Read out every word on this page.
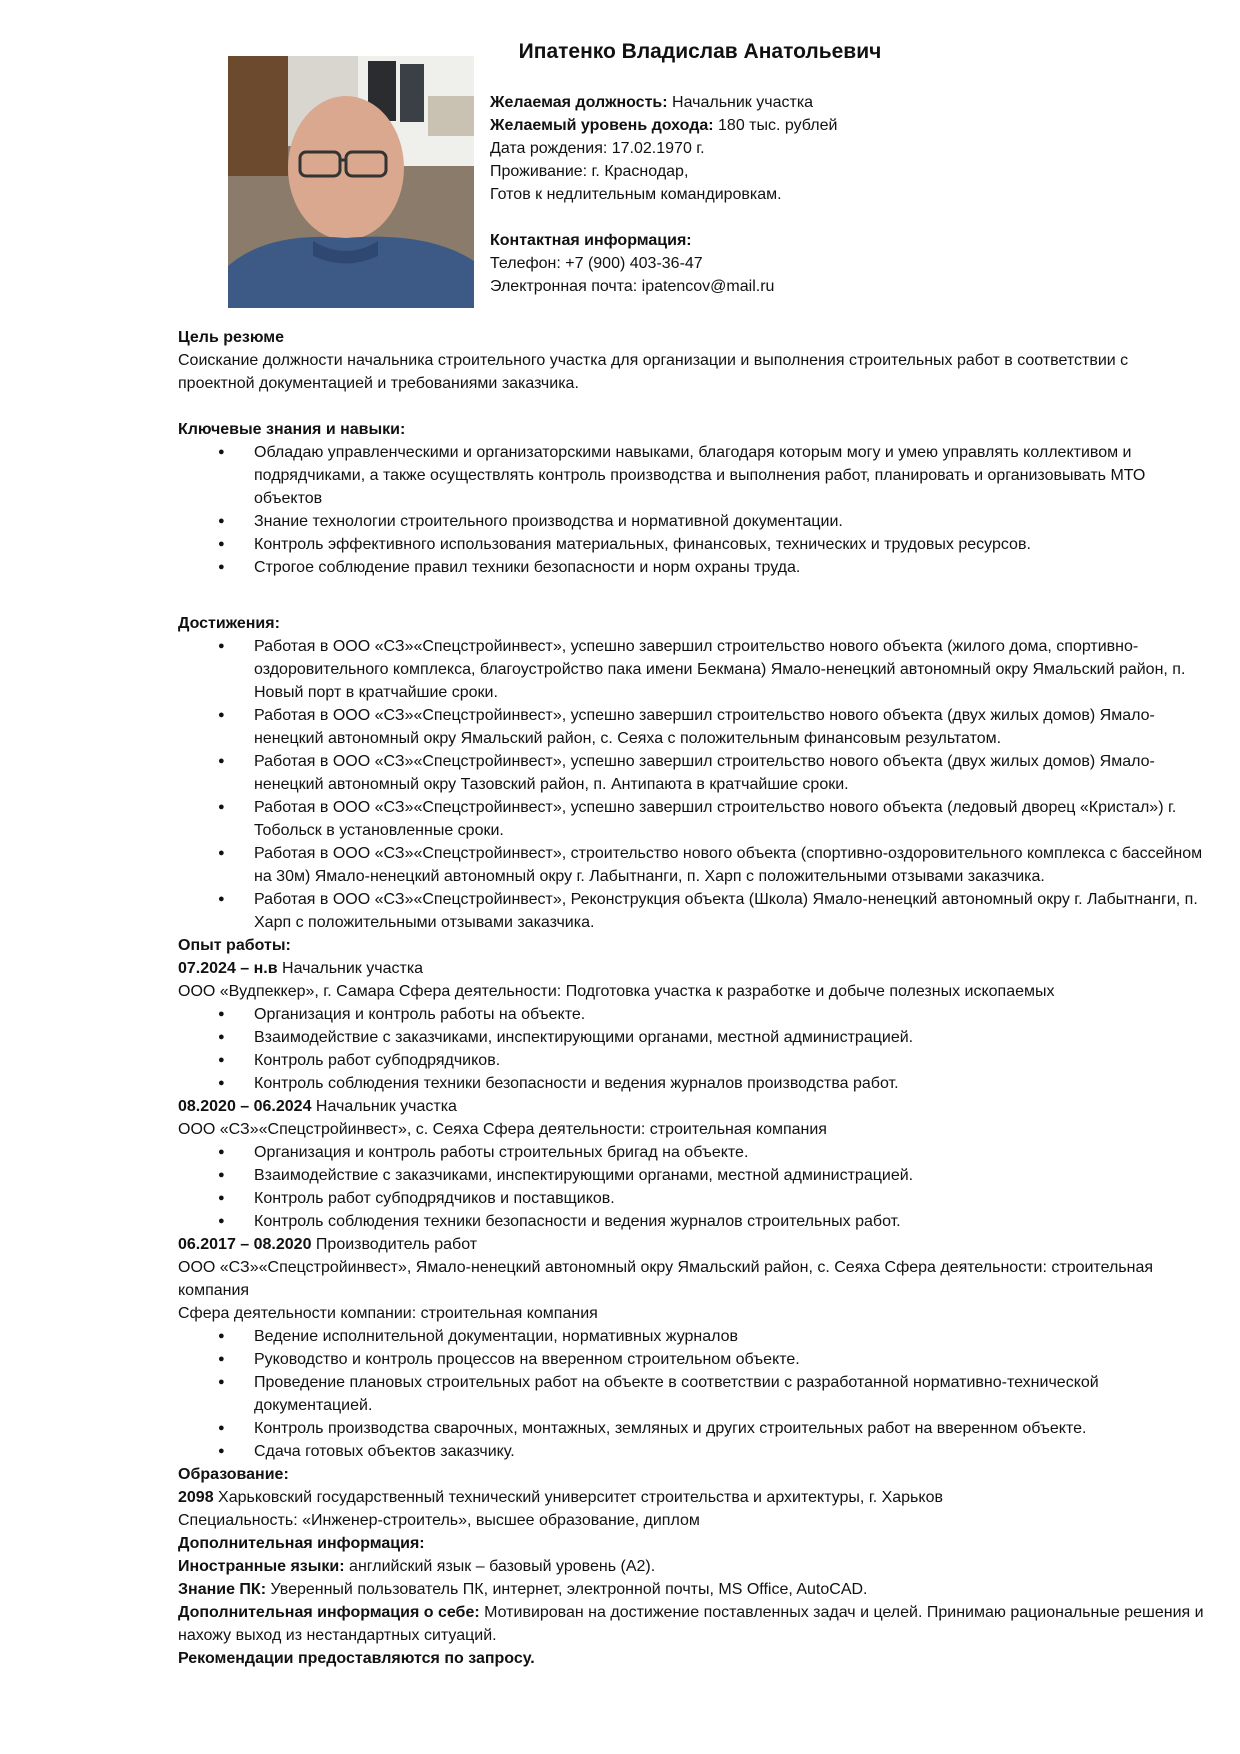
Ипатенко Владислав Анатольевич
Желаемая должность: Начальник участка
Желаемый уровень дохода: 180 тыс. рублей
Дата рождения: 17.02.1970 г.
Проживание: г. Краснодар,
Готов к недлительным командировкам.
Контактная информация:
Телефон: +7 (900) 403-36-47
Электронная почта: ipatencov@mail.ru
Цель резюме
Соискание должности начальника строительного участка для организации и выполнения строительных работ в соответствии с проектной документацией и требованиями заказчика.
Ключевые знания и навыки:
● Обладаю управленческими и организаторскими навыками, благодаря которым могу и умею управлять коллективом и подрядчиками, а также осуществлять контроль производства и выполнения работ, планировать и организовывать МТО объектов
● Знание технологии строительного производства и нормативной документации.
● Контроль эффективного использования материальных, финансовых, технических и трудовых ресурсов.
● Строгое соблюдение правил техники безопасности и норм охраны труда.
Достижения:
● Работая в ООО «СЗ»«Спецстройинвест», успешно завершил строительство нового объекта (жилого дома, спортивно-оздоровительного комплекса, благоустройство пака имени Бекмана) Ямало-ненецкий автономный окру Ямальский район, п. Новый порт в кратчайшие сроки.
● Работая в ООО «СЗ»«Спецстройинвест», успешно завершил строительство нового объекта (двух жилых домов) Ямало-ненецкий автономный окру Ямальский район, с. Сеяха с положительным финансовым результатом.
● Работая в ООО «СЗ»«Спецстройинвест», успешно завершил строительство нового объекта (двух жилых домов) Ямало-ненецкий автономный окру Тазовский район, п. Антипаюта в кратчайшие сроки.
● Работая в ООО «СЗ»«Спецстройинвест», успешно завершил строительство нового объекта (ледовый дворец «Кристал») г. Тобольск в установленные сроки.
● Работая в ООО «СЗ»«Спецстройинвест», строительство нового объекта (спортивно-оздоровительного комплекса с бассейном на 30м) Ямало-ненецкий автономный окру г. Лабытнанги, п. Харп с положительными отзывами заказчика.
● Работая в ООО «СЗ»«Спецстройинвест», Реконструкция объекта (Школа) Ямало-ненецкий автономный окру г. Лабытнанги, п. Харп с положительными отзывами заказчика.
Опыт работы:
07.2024 – н.в Начальник участка
ООО «Вудпеккер», г. Самара Сфера деятельности: Подготовка участка к разработке и добыче полезных ископаемых
● Организация и контроль работы на объекте.
● Взаимодействие с заказчиками, инспектирующими органами, местной администрацией.
● Контроль работ субподрядчиков.
● Контроль соблюдения техники безопасности и ведения журналов производства работ.
08.2020 – 06.2024 Начальник участка
ООО «СЗ»«Спецстройинвест», с. Сеяха Сфера деятельности: строительная компания
● Организация и контроль работы строительных бригад на объекте.
● Взаимодействие с заказчиками, инспектирующими органами, местной администрацией.
● Контроль работ субподрядчиков и поставщиков.
● Контроль соблюдения техники безопасности и ведения журналов строительных работ.
06.2017 – 08.2020 Производитель работ
ООО «СЗ»«Спецстройинвест», Ямало-ненецкий автономный окру Ямальский район, с. Сеяха Сфера деятельности: строительная компания
Сфера деятельности компании: строительная компания
● Ведение исполнительной документации, нормативных журналов
● Руководство и контроль процессов на вверенном строительном объекте.
● Проведение плановых строительных работ на объекте в соответствии с разработанной нормативно-технической документацией.
● Контроль производства сварочных, монтажных, земляных и других строительных работ на вверенном объекте.
● Сдача готовых объектов заказчику.
Образование:
2098 Харьковский государственный технический университет строительства и архитектуры, г. Харьков
Специальность: «Инженер-строитель», высшее образование, диплом
Дополнительная информация:
Иностранные языки: английский язык – базовый уровень (А2).
Знание ПК: Уверенный пользователь ПК, интернет, электронной почты, MS Office, AutoCAD.
Дополнительная информация о себе: Мотивирован на достижение поставленных задач и целей. Принимаю рациональные решения и нахожу выход из нестандартных ситуаций.
Рекомендации предоставляются по запросу.
